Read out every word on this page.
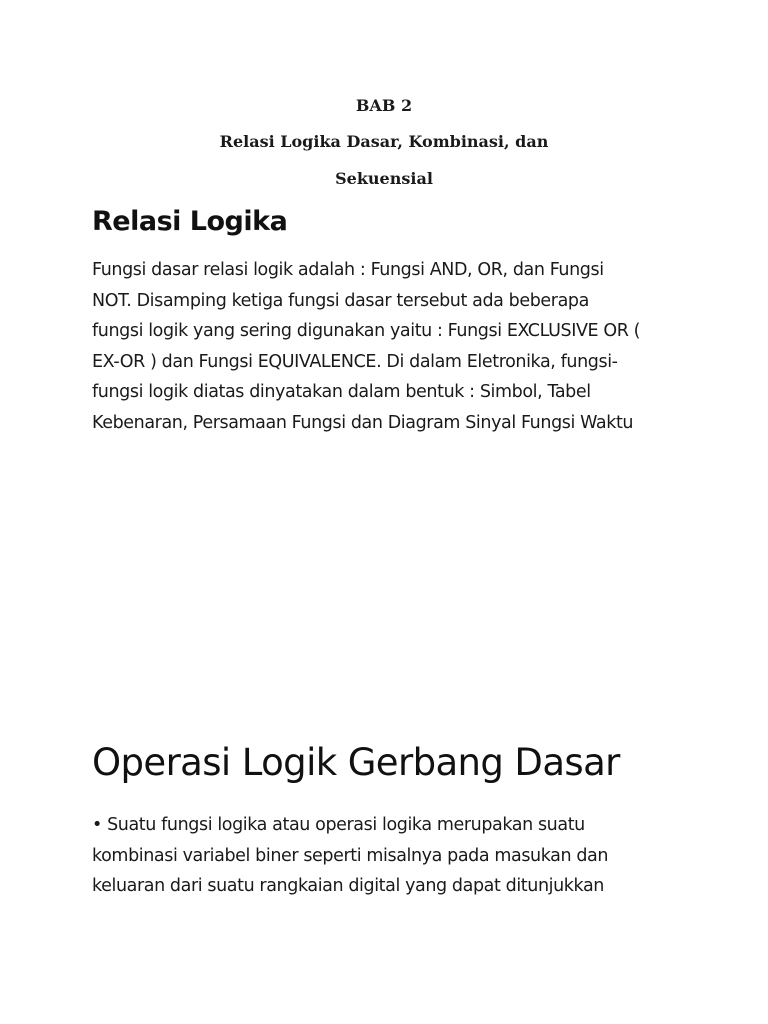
BAB 2
Relasi Logika Dasar, Kombinasi, dan
Sekuensial
Relasi Logika
Fungsi dasar relasi logik adalah : Fungsi AND, OR, dan Fungsi
NOT. Disamping ketiga fungsi dasar tersebut ada beberapa
fungsi logik yang sering digunakan yaitu : Fungsi EXCLUSIVE OR (
EX-OR ) dan Fungsi EQUIVALENCE. Di dalam Eletronika, fungsi-
fungsi logik diatas dinyatakan dalam bentuk : Simbol, Tabel
Kebenaran, Persamaan Fungsi dan Diagram Sinyal Fungsi Waktu
Operasi Logik Gerbang Dasar
• Suatu fungsi logika atau operasi logika merupakan suatu
kombinasi variabel biner seperti misalnya pada masukan dan
keluaran dari suatu rangkaian digital yang dapat ditunjukkan
